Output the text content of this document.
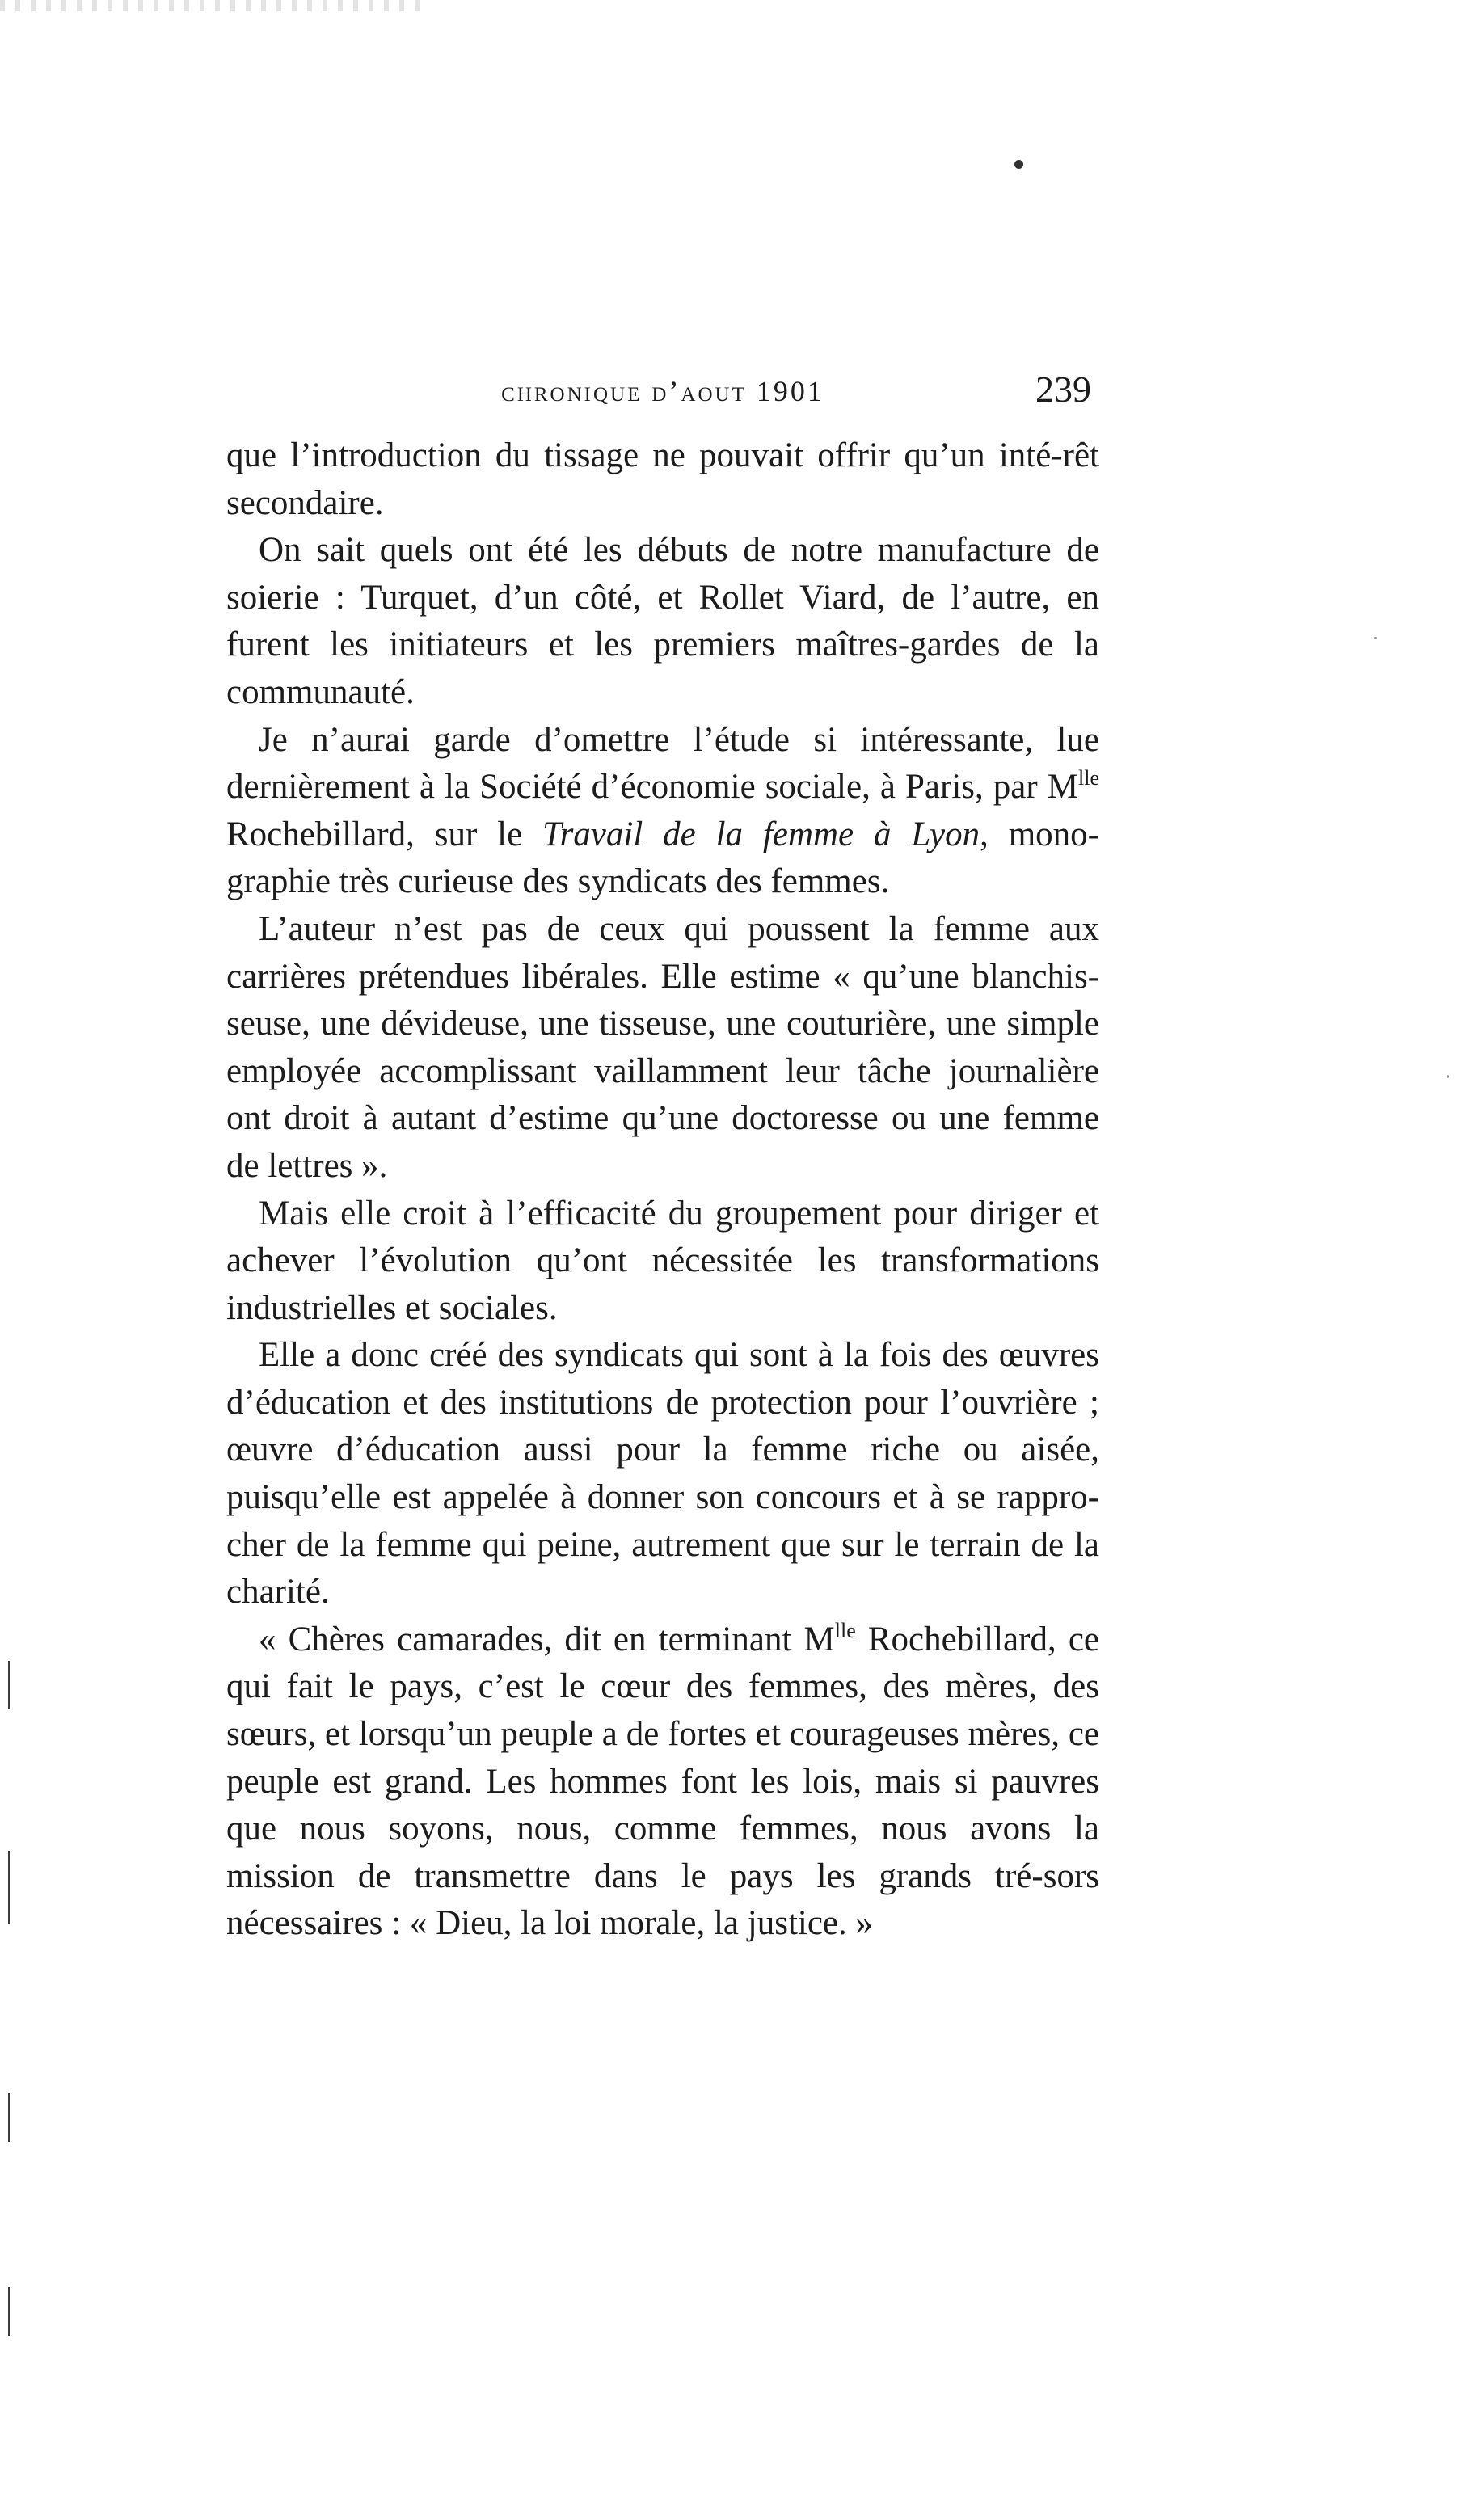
chronique d’aout 1901	239

que l’introduction du tissage ne pouvait offrir qu’un inté-rêt secondaire.

On sait quels ont été les débuts de notre manufacture de soierie : Turquet, d’un côté, et Rollet Viard, de l’autre, en furent les initiateurs et les premiers maîtres-gardes de la communauté.

Je n’aurai garde d’omettre l’étude si intéressante, lue dernièrement à la Société d’économie sociale, à Paris, par $M^{lle}$ Rochebillard, sur le Travail de la femme à Lyon, mono-graphie très curieuse des syndicats des femmes.

L’auteur n’est pas de ceux qui poussent la femme aux carrières prétendues libérales. Elle estime « qu’une blanchis-seuse, une dévideuse, une tisseuse, une couturière, une simple employée accomplissant vaillamment leur tâche journalière ont droit à autant d’estime qu’une doctoresse ou une femme de lettres ».

Mais elle croit à l’efficacité du groupement pour diriger et achever l’évolution qu’ont nécessitée les transformations industrielles et sociales.

Elle a donc créé des syndicats qui sont à la fois des œuvres d’éducation et des institutions de protection pour l’ouvrière ; œuvre d’éducation aussi pour la femme riche ou aisée, puisqu’elle est appelée à donner son concours et à se rappro-cher de la femme qui peine, autrement que sur le terrain de la charité.

« Chères camarades, dit en terminant $M^{lle}$ Rochebillard, ce qui fait le pays, c’est le cœur des femmes, des mères, des sœurs, et lorsqu’un peuple a de fortes et courageuses mères, ce peuple est grand. Les hommes font les lois, mais si pauvres que nous soyons, nous, comme femmes, nous avons la mission de transmettre dans le pays les grands tré-sors nécessaires : « Dieu, la loi morale, la justice. »
